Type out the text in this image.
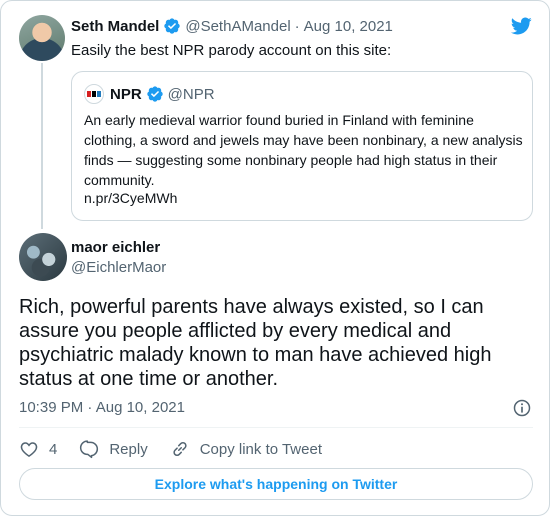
Seth Mandel @SethAMandel · Aug 10, 2021
Easily the best NPR parody account on this site:
NPR @NPR
An early medieval warrior found buried in Finland with feminine clothing, a sword and jewels may have been nonbinary, a new analysis finds — suggesting some nonbinary people had high status in their community.
n.pr/3CyeMWh
maor eichler
@EichlerMaor
Rich, powerful parents have always existed, so I can assure you people afflicted by every medical and psychiatric malady known to man have achieved high status at one time or another.
10:39 PM · Aug 10, 2021
4	Reply	Copy link to Tweet
Explore what's happening on Twitter
